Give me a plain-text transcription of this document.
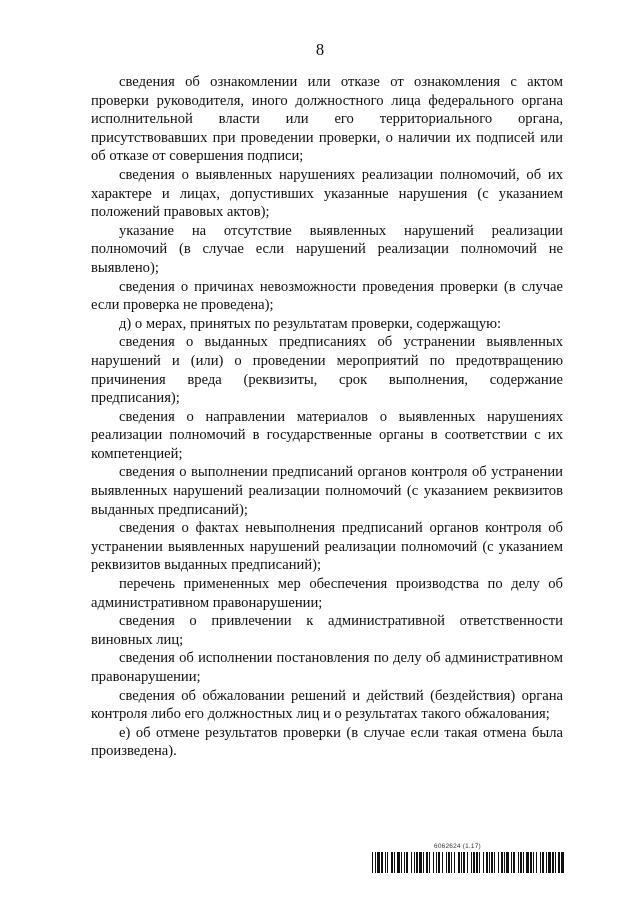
8

сведения об ознакомлении или отказе от ознакомления с актом проверки руководителя, иного должностного лица федерального органа исполнительной власти или его территориального органа, присутствовавших при проведении проверки, о наличии их подписей или об отказе от совершения подписи;

сведения о выявленных нарушениях реализации полномочий, об их характере и лицах, допустивших указанные нарушения (с указанием положений правовых актов);

указание на отсутствие выявленных нарушений реализации полномочий (в случае если нарушений реализации полномочий не выявлено);

сведения о причинах невозможности проведения проверки (в случае если проверка не проведена);

д) о мерах, принятых по результатам проверки, содержащую:

сведения о выданных предписаниях об устранении выявленных нарушений и (или) о проведении мероприятий по предотвращению причинения вреда (реквизиты, срок выполнения, содержание предписания);

сведения о направлении материалов о выявленных нарушениях реализации полномочий в государственные органы в соответствии с их компетенцией;

сведения о выполнении предписаний органов контроля об устранении выявленных нарушений реализации полномочий (с указанием реквизитов выданных предписаний);

сведения о фактах невыполнения предписаний органов контроля об устранении выявленных нарушений реализации полномочий (с указанием реквизитов выданных предписаний);

перечень примененных мер обеспечения производства по делу об административном правонарушении;

сведения о привлечении к административной ответственности виновных лиц;

сведения об исполнении постановления по делу об административном правонарушении;

сведения об обжаловании решений и действий (бездействия) органа контроля либо его должностных лиц и о результатах такого обжалования;

е) об отмене результатов проверки (в случае если такая отмена была произведена).

6062624 (1.17)
